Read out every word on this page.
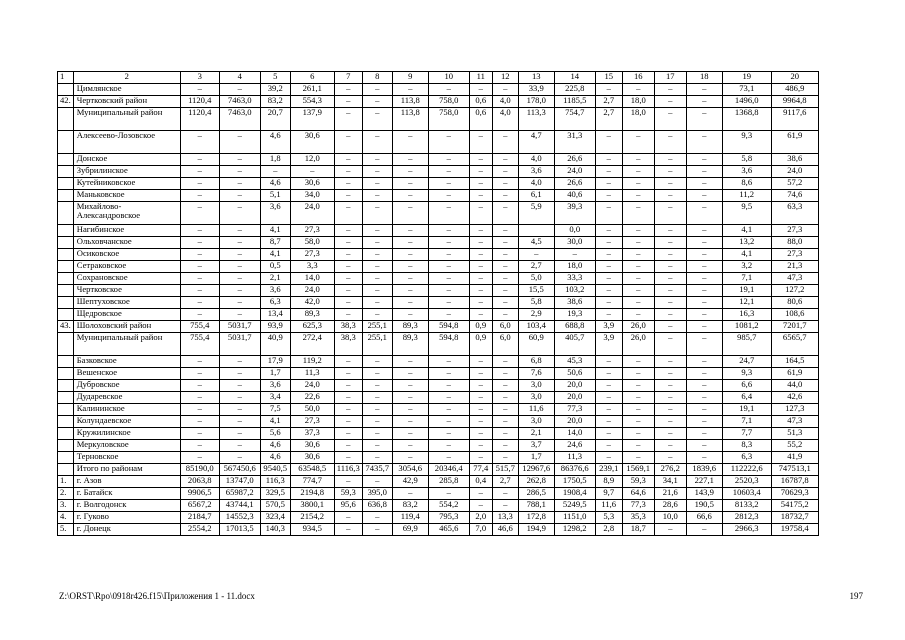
1	2	3	4	5	6	7	8	9	10	11	12	13	14	15	16	17	18	19	20
	Цимлянское	–	–	39,2	261,1	–	–	–	–	–	–	33,9	225,8	–	–	–	–	73,1	486,9
42.	Чертковский район	1120,4	7463,0	83,2	554,3	–	–	113,8	758,0	0,6	4,0	178,0	1185,5	2,7	18,0	–	–	1496,0	9964,8
	Муниципальный район	1120,4	7463,0	20,7	137,9	–	–	113,8	758,0	0,6	4,0	113,3	754,7	2,7	18,0	–	–	1368,8	9117,6
	Алексеево-Лозовское	–	–	4,6	30,6	–	–	–	–	–	–	4,7	31,3	–	–	–	–	9,3	61,9
	Донское	–	–	1,8	12,0	–	–	–	–	–	–	4,0	26,6	–	–	–	–	5,8	38,6
	Зубрилинское	–	–	–	–	–	–	–	–	–	–	3,6	24,0	–	–	–	–	3,6	24,0
	Кутейниковское	–	–	4,6	30,6	–	–	–	–	–	–	4,0	26,6	–	–	–	–	8,6	57,2
	Маньковское	–	–	5,1	34,0	–	–	–	–	–	–	6,1	40,6	–	–	–	–	11,2	74,6
	Михайлово-Александровское	–	–	3,6	24,0	–	–	–	–	–	–	5,9	39,3	–	–	–	–	9,5	63,3
	Нагибинское	–	–	4,1	27,3	–	–	–	–	–	–		0,0	–	–	–	–	4,1	27,3
	Ольховчанское	–	–	8,7	58,0	–	–	–	–	–	–	4,5	30,0	–	–	–	–	13,2	88,0
	Осиковское	–	–	4,1	27,3	–	–	–	–	–	–	–	–	–	–	–	–	4,1	27,3
	Сетраковское	–	–	0,5	3,3	–	–	–	–	–	–	2,7	18,0	–	–	–	–	3,2	21,3
	Сохрановское	–	–	2,1	14,0	–	–	–	–	–	–	5,0	33,3	–	–	–	–	7,1	47,3
	Чертковское	–	–	3,6	24,0	–	–	–	–	–	–	15,5	103,2	–	–	–	–	19,1	127,2
	Шептуховское	–	–	6,3	42,0	–	–	–	–	–	–	5,8	38,6	–	–	–	–	12,1	80,6
	Щедровское	–	–	13,4	89,3	–	–	–	–	–	–	2,9	19,3	–	–	–	–	16,3	108,6
43.	Шолоховский район	755,4	5031,7	93,9	625,3	38,3	255,1	89,3	594,8	0,9	6,0	103,4	688,8	3,9	26,0	–	–	1081,2	7201,7
	Муниципальный район	755,4	5031,7	40,9	272,4	38,3	255,1	89,3	594,8	0,9	6,0	60,9	405,7	3,9	26,0	–	–	985,7	6565,7
	Базковское	–	–	17,9	119,2	–	–	–	–	–	–	6,8	45,3	–	–	–	–	24,7	164,5
	Вешенское	–	–	1,7	11,3	–	–	–	–	–	–	7,6	50,6	–	–	–	–	9,3	61,9
	Дубровское	–	–	3,6	24,0	–	–	–	–	–	–	3,0	20,0	–	–	–	–	6,6	44,0
	Дударевское	–	–	3,4	22,6	–	–	–	–	–	–	3,0	20,0	–	–	–	–	6,4	42,6
	Калининское	–	–	7,5	50,0	–	–	–	–	–	–	11,6	77,3	–	–	–	–	19,1	127,3
	Колундаевское	–	–	4,1	27,3	–	–	–	–	–	–	3,0	20,0	–	–	–	–	7,1	47,3
	Кружилинское	–	–	5,6	37,3	–	–	–	–	–	–	2,1	14,0	–	–	–	–	7,7	51,3
	Меркуловское	–	–	4,6	30,6	–	–	–	–	–	–	3,7	24,6	–	–	–	–	8,3	55,2
	Терновское	–	–	4,6	30,6	–	–	–	–	–	–	1,7	11,3	–	–	–	–	6,3	41,9
	Итого по районам	85190,0	567450,6	9540,5	63548,5	1116,3	7435,7	3054,6	20346,4	77,4	515,7	12967,6	86376,6	239,1	1569,1	276,2	1839,6	112222,6	747513,1
1.	г. Азов	2063,8	13747,0	116,3	774,7	–	–	42,9	285,8	0,4	2,7	262,8	1750,5	8,9	59,3	34,1	227,1	2520,3	16787,8
2.	г. Батайск	9906,5	65987,2	329,5	2194,8	59,3	395,0	–	–	–	–	286,5	1908,4	9,7	64,6	21,6	143,9	10603,4	70629,3
3.	г. Волгодонск	6567,2	43744,1	570,5	3800,1	95,6	636,8	83,2	554,2	–	–	788,1	5249,5	11,6	77,3	28,6	190,5	8133,2	54175,2
4.	г. Гуково	2184,7	14552,3	323,4	2154,2	–	–	119,4	795,3	2,0	13,3	172,8	1151,0	5,3	35,3	10,0	66,6	2812,3	18732,7
5.	г. Донецк	2554,2	17013,5	140,3	934,5	–	–	69,9	465,6	7,0	46,6	194,9	1298,2	2,8	18,7	–	–	2966,3	19758,4
Z:\ORST\Rpo\0918r426.f15\Приложения 1 - 11.docx	197
